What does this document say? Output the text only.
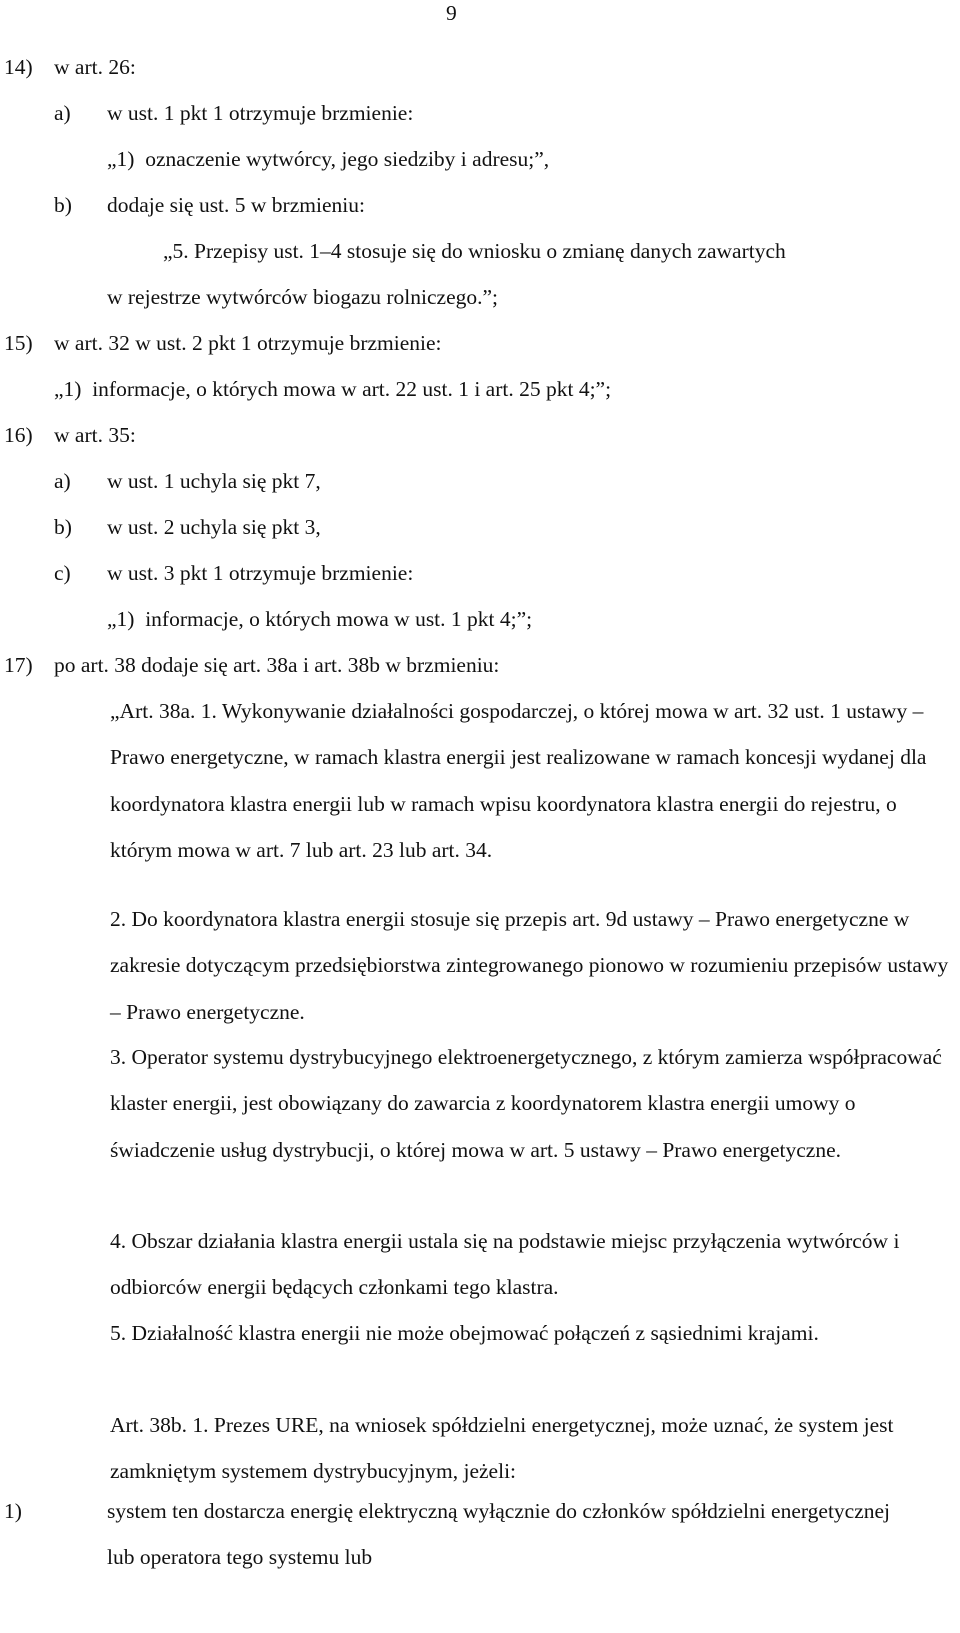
9
14) w art. 26:
a) w ust. 1 pkt 1 otrzymuje brzmienie:
„1) oznaczenie wytwórcy, jego siedziby i adresu;”,
b) dodaje się ust. 5 w brzmieniu:
„5. Przepisy ust. 1–4 stosuje się do wniosku o zmianę danych zawartych
w rejestrze wytwórców biogazu rolniczego.”;
15) w art. 32 w ust. 2 pkt 1 otrzymuje brzmienie:
„1) informacje, o których mowa w art. 22 ust. 1 i art. 25 pkt 4;”;
16) w art. 35:
a) w ust. 1 uchyla się pkt 7,
b) w ust. 2 uchyla się pkt 3,
c) w ust. 3 pkt 1 otrzymuje brzmienie:
„1) informacje, o których mowa w ust. 1 pkt 4;”;
17) po art. 38 dodaje się art. 38a i art. 38b w brzmieniu:
„Art. 38a. 1. Wykonywanie działalności gospodarczej, o której mowa w art. 32 ust. 1 ustawy – Prawo energetyczne, w ramach klastra energii jest realizowane w ramach koncesji wydanej dla koordynatora klastra energii lub w ramach wpisu koordynatora klastra energii do rejestru, o którym mowa w art. 7 lub art. 23 lub art. 34.
2. Do koordynatora klastra energii stosuje się przepis art. 9d ustawy – Prawo energetyczne w zakresie dotyczącym przedsiębiorstwa zintegrowanego pionowo w rozumieniu przepisów ustawy – Prawo energetyczne.
3. Operator systemu dystrybucyjnego elektroenergetycznego, z którym zamierza współpracować klaster energii, jest obowiązany do zawarcia z koordynatorem klastra energii umowy o świadczenie usług dystrybucji, o której mowa w art. 5 ustawy – Prawo energetyczne.
4. Obszar działania klastra energii ustala się na podstawie miejsc przyłączenia wytwórców i odbiorców energii będących członkami tego klastra.
5. Działalność klastra energii nie może obejmować połączeń z sąsiednimi krajami.
Art. 38b. 1. Prezes URE, na wniosek spółdzielni energetycznej, może uznać, że system jest zamkniętym systemem dystrybucyjnym, jeżeli:
1)	system ten dostarcza energię elektryczną wyłącznie do członków spółdzielni energetycznej lub operatora tego systemu lub
